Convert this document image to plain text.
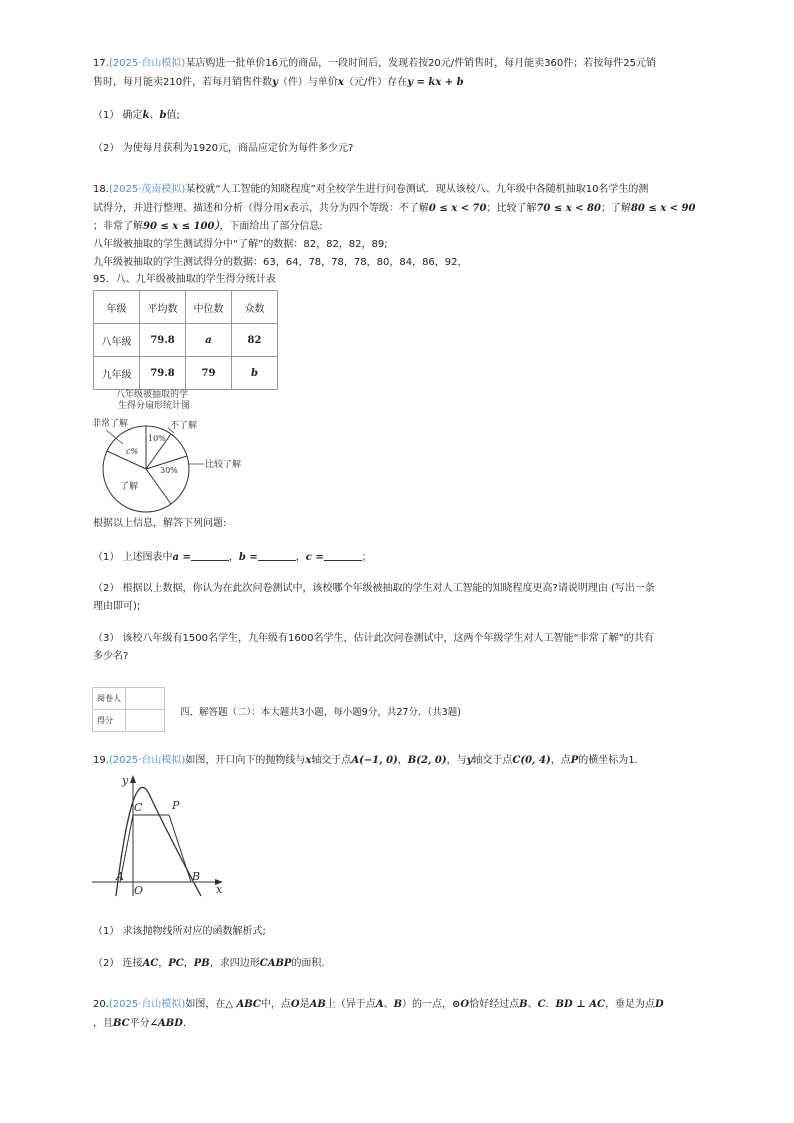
17.(2025·台山模拟)某店购进一批单价16元的商品，一段时间后，发现若按20元/件销售时，每月能卖360件；若按每件25元销
售时，每月能卖210件，若每月销售件数y（件）与单价x（元/件）存在y = kx + b
（1） 确定k、b值;
（2） 为使每月获利为1920元，商品应定价为每件多少元?
18.(2025·茂南模拟)某校就“人工智能的知晓程度”对全校学生进行问卷测试．现从该校八、九年级中各随机抽取10名学生的测
试得分，并进行整理、描述和分析（得分用x表示，共分为四个等级：不了解0 ≤ x < 70；比较了解70 ≤ x < 80；了解80 ≤ x < 90
；非常了解90 ≤ x ≤ 100），下面给出了部分信息:
八年级被抽取的学生测试得分中“了解”的数据：82，82，82，89;
九年级被抽取的学生测试得分的数据：63，64，78，78，78，80，84，86，92，
95．八、九年级被抽取的学生得分统计表
年级	平均数	中位数	众数
八年级	79.8	a	82
九年级	79.8	79	b
八年级被抽取的学
生得分扇形统计图
非常了解	不了解
比较了解
了解
c%
10%
30%
根据以上信息，解答下列问题:
（1） 上述图表中a =	，b =	，c =	；
（2） 根据以上数据，你认为在此次问卷测试中，该校哪个年级被抽取的学生对人工智能的知晓程度更高?请说明理由 (写出一条
理由即可);
（3） 该校八年级有1500名学生，九年级有1600名学生，估计此次问卷测试中，这两个年级学生对人工智能“非常了解”的共有
多少名?
阅卷人	
得分	
四、解答题（二）：本大题共3小题，每小题9分，共27分．（共3题)
19.(2025·台山模拟)如图，开口向下的抛物线与x轴交于点A(−1, 0)，B(2, 0)，与y轴交于点C(0, 4)，点P的横坐标为1.
y
x
C	P
A
O
B
（1） 求该抛物线所对应的函数解析式;
（2） 连接AC，PC，PB，求四边形CABP的面积.
20.(2025·台山模拟)如图，在△ ABC中，点O是AB上（异于点A、B）的一点，⊙O恰好经过点B、C．BD ⊥ AC，垂足为点D
，且BC平分∠ABD.
